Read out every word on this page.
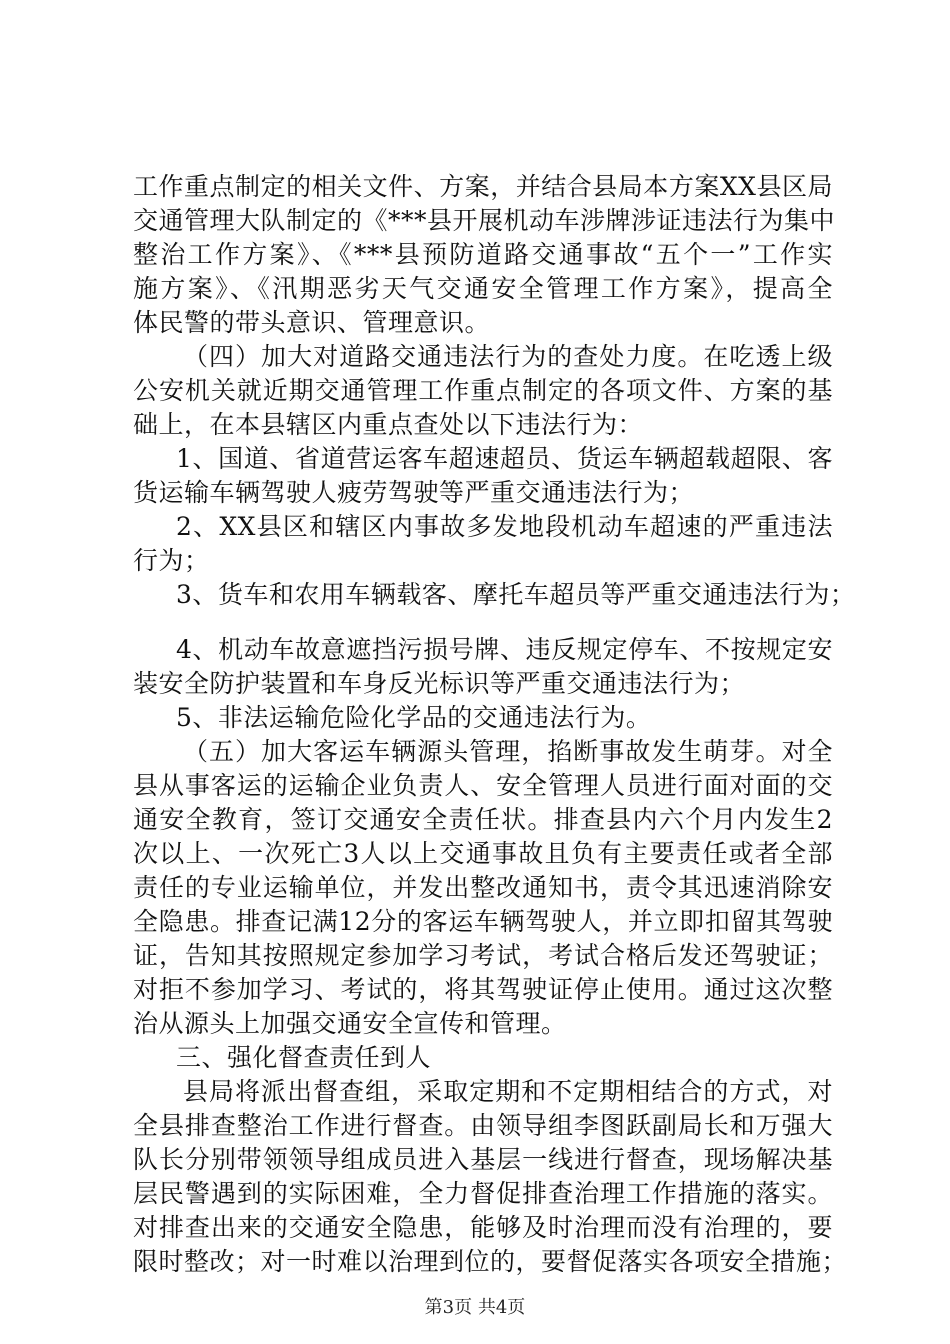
工作重点制定的相关文件、方案，并结合县局本方案XX县区局
交通管理大队制定的《***县开展机动车涉牌涉证违法行为集中
整治工作方案》、《***县预防道路交通事故“五个一”工作实
施方案》、《汛期恶劣天气交通安全管理工作方案》，提高全
体民警的带头意识、管理意识。
（四）加大对道路交通违法行为的查处力度。在吃透上级
公安机关就近期交通管理工作重点制定的各项文件、方案的基
础上，在本县辖区内重点查处以下违法行为：
1、国道、省道营运客车超速超员、货运车辆超载超限、客
货运输车辆驾驶人疲劳驾驶等严重交通违法行为；
2、XX县区和辖区内事故多发地段机动车超速的严重违法
行为；
3、货车和农用车辆载客、摩托车超员等严重交通违法行为；
4、机动车故意遮挡污损号牌、违反规定停车、不按规定安
装安全防护装置和车身反光标识等严重交通违法行为；
5、非法运输危险化学品的交通违法行为。
（五）加大客运车辆源头管理，掐断事故发生萌芽。对全
县从事客运的运输企业负责人、安全管理人员进行面对面的交
通安全教育，签订交通安全责任状。排查县内六个月内发生2
次以上、一次死亡3人以上交通事故且负有主要责任或者全部
责任的专业运输单位，并发出整改通知书，责令其迅速消除安
全隐患。排查记满12分的客运车辆驾驶人，并立即扣留其驾驶
证，告知其按照规定参加学习考试，考试合格后发还驾驶证；
对拒不参加学习、考试的，将其驾驶证停止使用。通过这次整
治从源头上加强交通安全宣传和管理。
三、强化督查责任到人
县局将派出督查组，采取定期和不定期相结合的方式，对
全县排查整治工作进行督查。由领导组李图跃副局长和万强大
队长分别带领领导组成员进入基层一线进行督查，现场解决基
层民警遇到的实际困难，全力督促排查治理工作措施的落实。
对排查出来的交通安全隐患，能够及时治理而没有治理的，要
限时整改；对一时难以治理到位的，要督促落实各项安全措施；
第3页 共4页
